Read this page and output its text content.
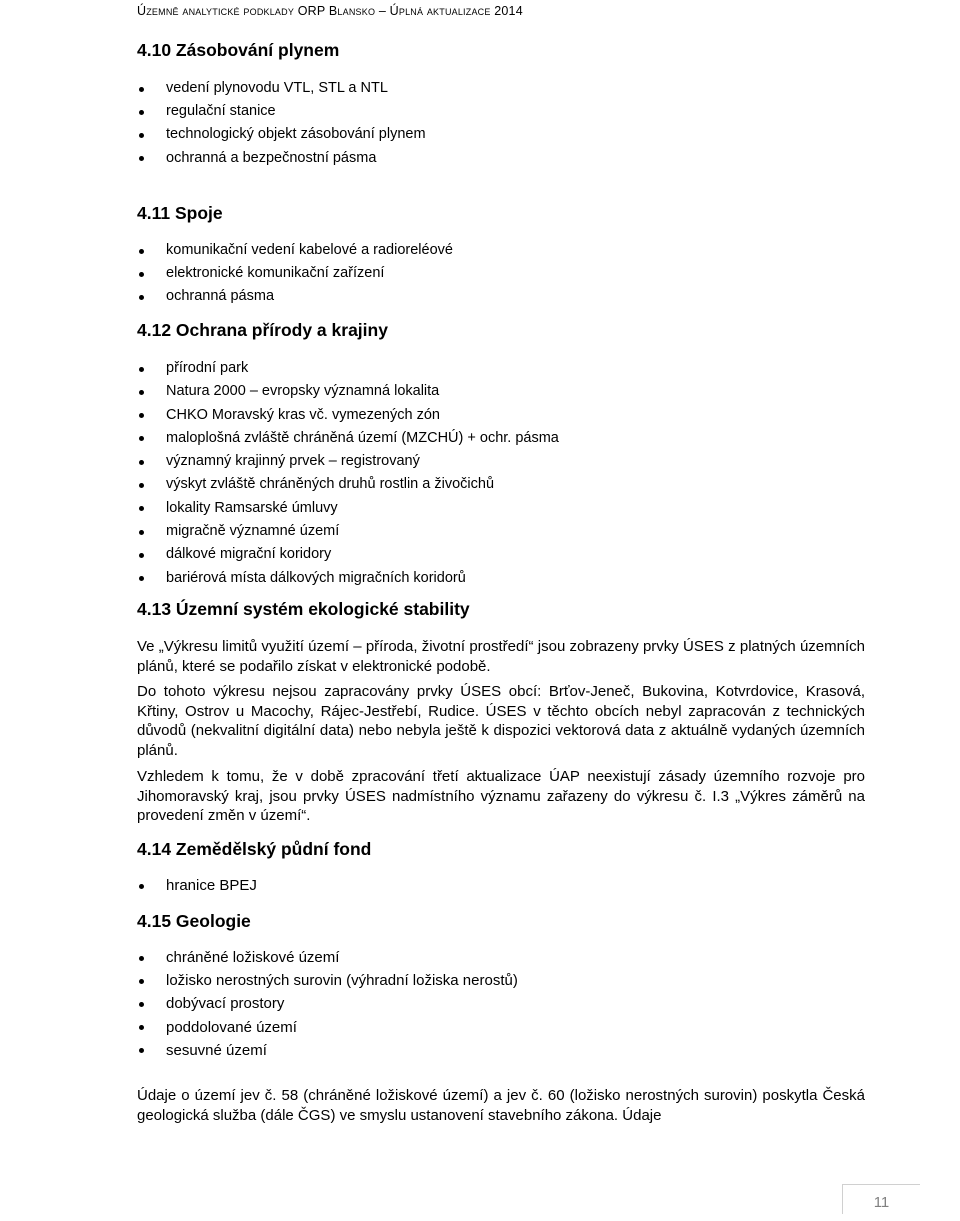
Územně analytické podklady ORP Blansko – Úplná aktualizace 2014
4.10 Zásobování plynem
vedení plynovodu VTL, STL a NTL
regulační stanice
technologický objekt zásobování plynem
ochranná a bezpečnostní pásma
4.11 Spoje
komunikační vedení kabelové a radioreléové
elektronické komunikační zařízení
ochranná pásma
4.12 Ochrana přírody a krajiny
přírodní park
Natura 2000 – evropsky významná lokalita
CHKO Moravský kras vč. vymezených zón
maloplošná zvláště chráněná území (MZCHÚ) + ochr. pásma
významný krajinný prvek – registrovaný
výskyt zvláště chráněných druhů rostlin a živočichů
lokality Ramsarské úmluvy
migračně významné území
dálkové migrační koridory
bariérová místa dálkových migračních koridorů
4.13 Územní systém ekologické stability

Ve „Výkresu limitů využití území – příroda, životní prostředí“ jsou zobrazeny prvky ÚSES z platných územních plánů, které se podařilo získat v elektronické podobě.

Do tohoto výkresu nejsou zapracovány prvky ÚSES obcí: Brťov-Jeneč, Bukovina, Kotvrdovice, Krasová, Křtiny, Ostrov u Macochy, Rájec-Jestřebí, Rudice. ÚSES v těchto obcích nebyl zapracován z technických důvodů (nekvalitní digitální data) nebo nebyla ještě k dispozici vektorová data z aktuálně vydaných územních plánů.

Vzhledem k tomu, že v době zpracování třetí aktualizace ÚAP neexistují zásady územního rozvoje pro Jihomoravský kraj, jsou prvky ÚSES nadmístního významu zařazeny do výkresu č. I.3 „Výkres záměrů na provedení změn v území“.

4.14 Zemědělský půdní fond
hranice BPEJ
4.15 Geologie
chráněné ložiskové území
ložisko nerostných surovin (výhradní ložiska nerostů)
dobývací prostory
poddolované území
sesuvné území

Údaje o území jev č. 58 (chráněné ložiskové území) a jev č. 60 (ložisko nerostných surovin) poskytla Česká geologická služba (dále ČGS) ve smyslu ustanovení stavebního zákona. Údaje

11
